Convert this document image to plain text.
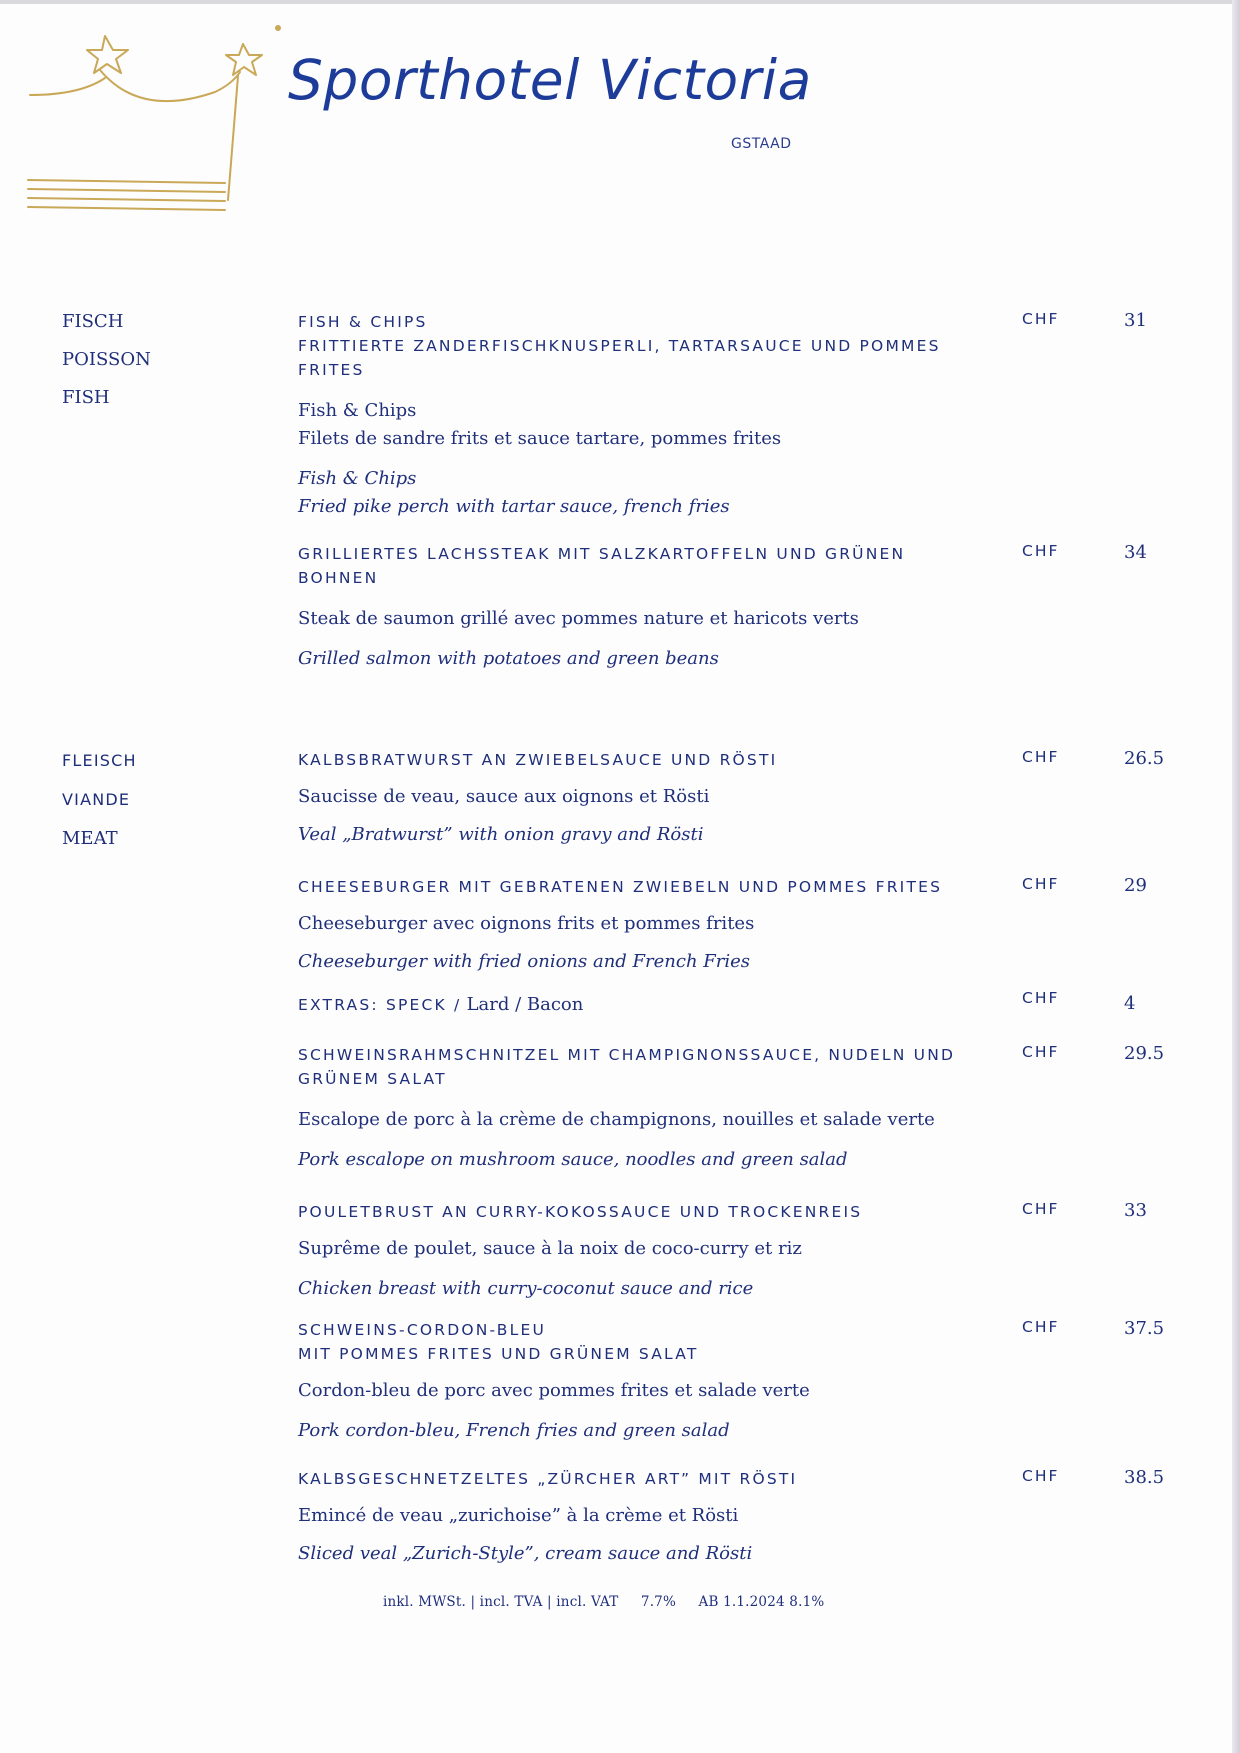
Sporthotel Victoria
GSTAAD
FISCH
POISSON
FISH
FLEISCH
VIANDE
MEAT
FISH & CHIPS
FRITTIERTE ZANDERFISCHKNUSPERLI, TARTARSAUCE UND POMMES FRITES
Fish & Chips
Filets de sandre frits et sauce tartare, pommes frites
Fish & Chips
Fried pike perch with tartar sauce, french fries
CHF	31
GRILLIERTES LACHSSTEAK MIT SALZKARTOFFELN UND GRÜNEN BOHNEN
Steak de saumon grillé avec pommes nature et haricots verts
Grilled salmon with potatoes and green beans
CHF	34
KALBSBRATWURST AN ZWIEBELSAUCE UND RÖSTI
Saucisse de veau, sauce aux oignons et Rösti
Veal „Bratwurst” with onion gravy and Rösti
CHF	26.5
CHEESEBURGER MIT GEBRATENEN ZWIEBELN UND POMMES FRITES
Cheeseburger avec oignons frits et pommes frites
Cheeseburger with fried onions and French Fries
CHF	29
EXTRAS: SPECK / Lard / Bacon	CHF	4
SCHWEINSRAHMSCHNITZEL MIT CHAMPIGNONSSAUCE, NUDELN UND GRÜNEM SALAT
Escalope de porc à la crème de champignons, nouilles et salade verte
Pork escalope on mushroom sauce, noodles and green salad
CHF	29.5
POULETBRUST AN CURRY-KOKOSSAUCE UND TROCKENREIS
Suprême de poulet, sauce à la noix de coco-curry et riz
Chicken breast with curry-coconut sauce and rice
CHF	33
SCHWEINS-CORDON-BLEU
MIT POMMES FRITES UND GRÜNEM SALAT
Cordon-bleu de porc avec pommes frites et salade verte
Pork cordon-bleu, French fries and green salad
CHF	37.5
KALBSGESCHNETZELTES „ZÜRCHER ART” MIT RÖSTI
Emincé de veau „zurichoise” à la crème et Rösti
Sliced veal „Zurich-Style”, cream sauce and Rösti
CHF	38.5
inkl. MWSt. | incl. TVA | incl. VAT 7.7% AB 1.1.2024 8.1%
